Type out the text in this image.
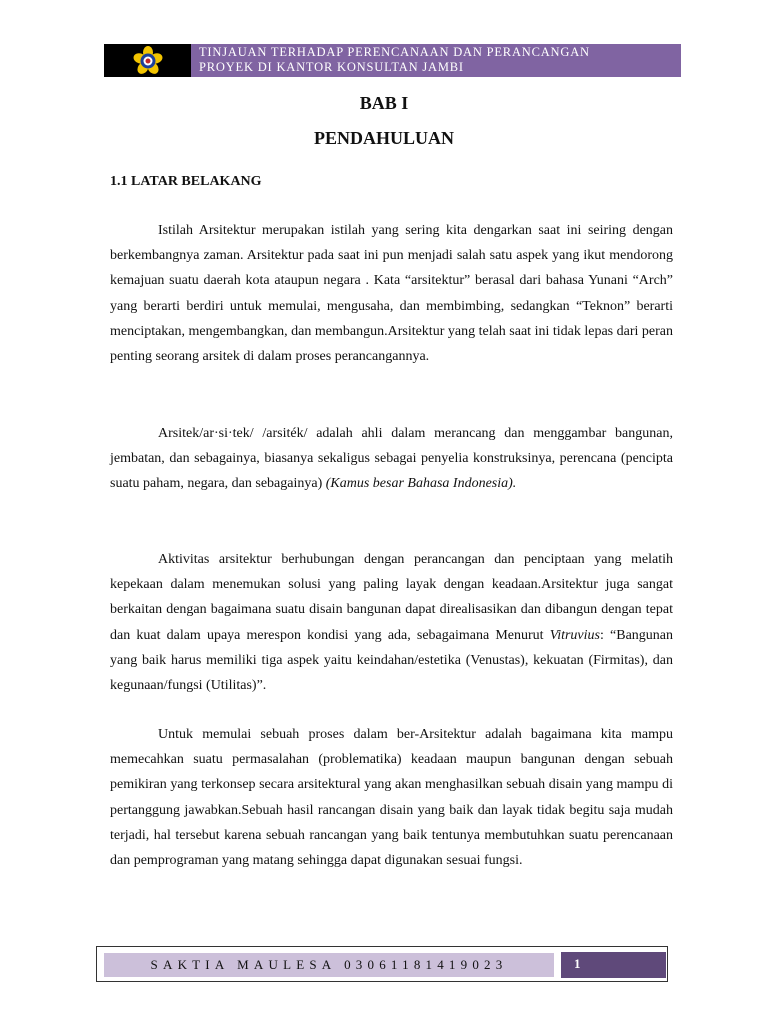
TINJAUAN TERHADAP PERENCANAAN DAN PERANCANGAN
PROYEK DI KANTOR KONSULTAN JAMBI
BAB I
PENDAHULUAN
1.1 LATAR BELAKANG

Istilah Arsitektur merupakan istilah yang sering kita dengarkan saat ini seiring dengan berkembangnya zaman. Arsitektur pada saat ini pun menjadi salah satu aspek yang ikut mendorong kemajuan suatu daerah kota ataupun negara . Kata “arsitektur” berasal dari bahasa Yunani “Arch” yang berarti berdiri untuk memulai, mengusaha, dan membimbing, sedangkan “Teknon” berarti menciptakan, mengembangkan, dan membangun.Arsitektur yang telah saat ini tidak lepas dari peran penting seorang arsitek di dalam proses perancangannya.

Arsitek/ar·si·tek/ /arsiték/ adalah ahli dalam merancang dan menggambar bangunan, jembatan, dan sebagainya, biasanya sekaligus sebagai penyelia konstruksinya, perencana (pencipta suatu paham, negara, dan sebagainya) (Kamus besar Bahasa Indonesia).

Aktivitas arsitektur berhubungan dengan perancangan dan penciptaan yang melatih kepekaan dalam menemukan solusi yang paling layak dengan keadaan.Arsitektur juga sangat berkaitan dengan bagaimana suatu disain bangunan dapat direalisasikan dan dibangun dengan tepat dan kuat dalam upaya merespon kondisi yang ada, sebagaimana Menurut Vitruvius: “Bangunan yang baik harus memiliki tiga aspek yaitu keindahan/estetika (Venustas), kekuatan (Firmitas), dan kegunaan/fungsi (Utilitas)”.

Untuk memulai sebuah proses dalam ber-Arsitektur adalah bagaimana kita mampu memecahkan suatu permasalahan (problematika) keadaan maupun bangunan dengan sebuah pemikiran yang terkonsep secara arsitektural yang akan menghasilkan sebuah disain yang mampu di pertanggung jawabkan.Sebuah hasil rancangan disain yang baik dan layak tidak begitu saja mudah terjadi, hal tersebut karena sebuah rancangan yang baik tentunya membutuhkan suatu perencanaan dan pemprograman yang matang sehingga dapat digunakan sesuai fungsi.

SAKTIA MAULESA 03061181419023	1
